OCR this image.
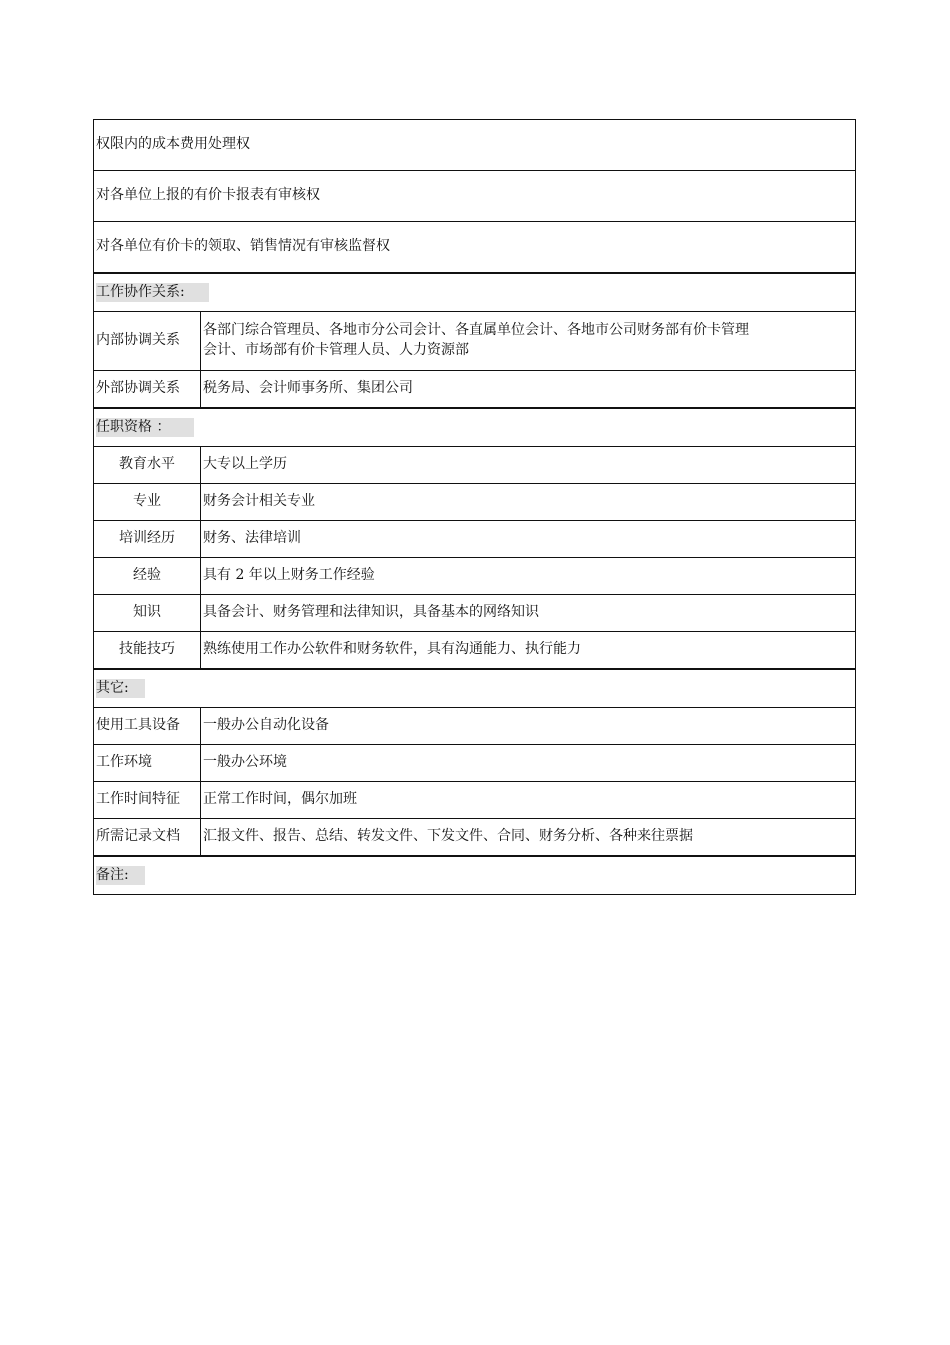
权限内的成本费用处理权	
对各单位上报的有价卡报表有审核权	
对各单位有价卡的领取、销售情况有审核监督权	
工作协作关系:	
内部协调关系	各部门综合管理员、各地市分公司会计、各直属单位会计、各地市公司财务部有价卡管理
会计、市场部有价卡管理人员、人力资源部

外部协调关系	税务局、会计师事务所、集团公司
任职资格 ：	
教育水平	大专以上学历
专业	财务会计相关专业
培训经历	财务、法律培训
经验	具有 2 年以上财务工作经验
知识	具备会计、财务管理和法律知识，具备基本的网络知识
技能技巧	熟练使用工作办公软件和财务软件，具有沟通能力、执行能力
其它:	
使用工具设备	一般办公自动化设备
工作环境	一般办公环境
工作时间特征	正常工作时间，偶尔加班
所需记录文档	汇报文件、报告、总结、转发文件、下发文件、合同、财务分析、各种来往票据
备注:	
